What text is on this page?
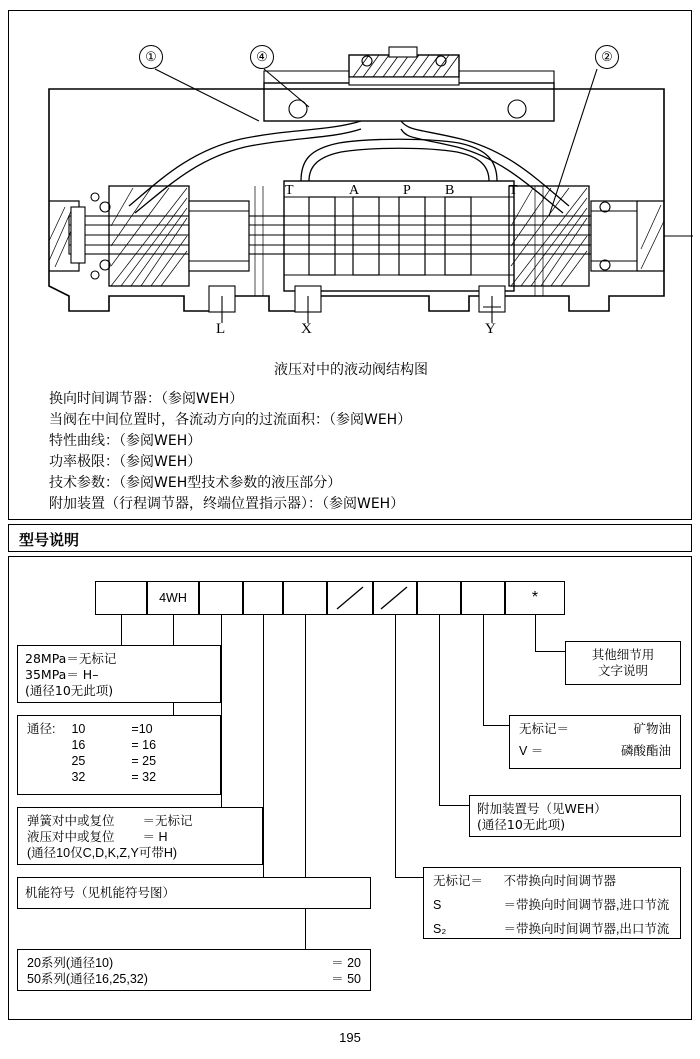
T	A	P B	T
①	④	②
L	X	Y
液压对中的液动阀结构图
换向时间调节器：（参阅WEH）
当阀在中间位置时，各流动方向的过流面积：（参阅WEH）
特性曲线：（参阅WEH）
功率极限：（参阅WEH）
技术参数：（参阅WEH型技术参数的液压部分）
附加装置（行程调节器，终端位置指示器）：（参阅WEH）
型号说明
4WH	*
28MPa＝无标记
35MPa＝ H–
(通径10无此项)
通径:	10	=10
	16	= 16
	25	= 25
	32	= 32
弹簧对中或复位	＝无标记
液压对中或复位	＝ H
(通径10仅C,D,K,Z,Y可带H)	
机能符号（见机能符号图）
20系列(通径10)	＝ 20
50系列(通径16,25,32)	＝ 50
其他细节用
文字说明
无标记＝	矿物油
V ＝	磷酸酯油
附加装置号（见WEH）
(通径10无此项)
无标记＝	不带换向时间调节器
S	＝带换向时间调节器,进口节流
S₂	＝带换向时间调节器,出口节流
195
